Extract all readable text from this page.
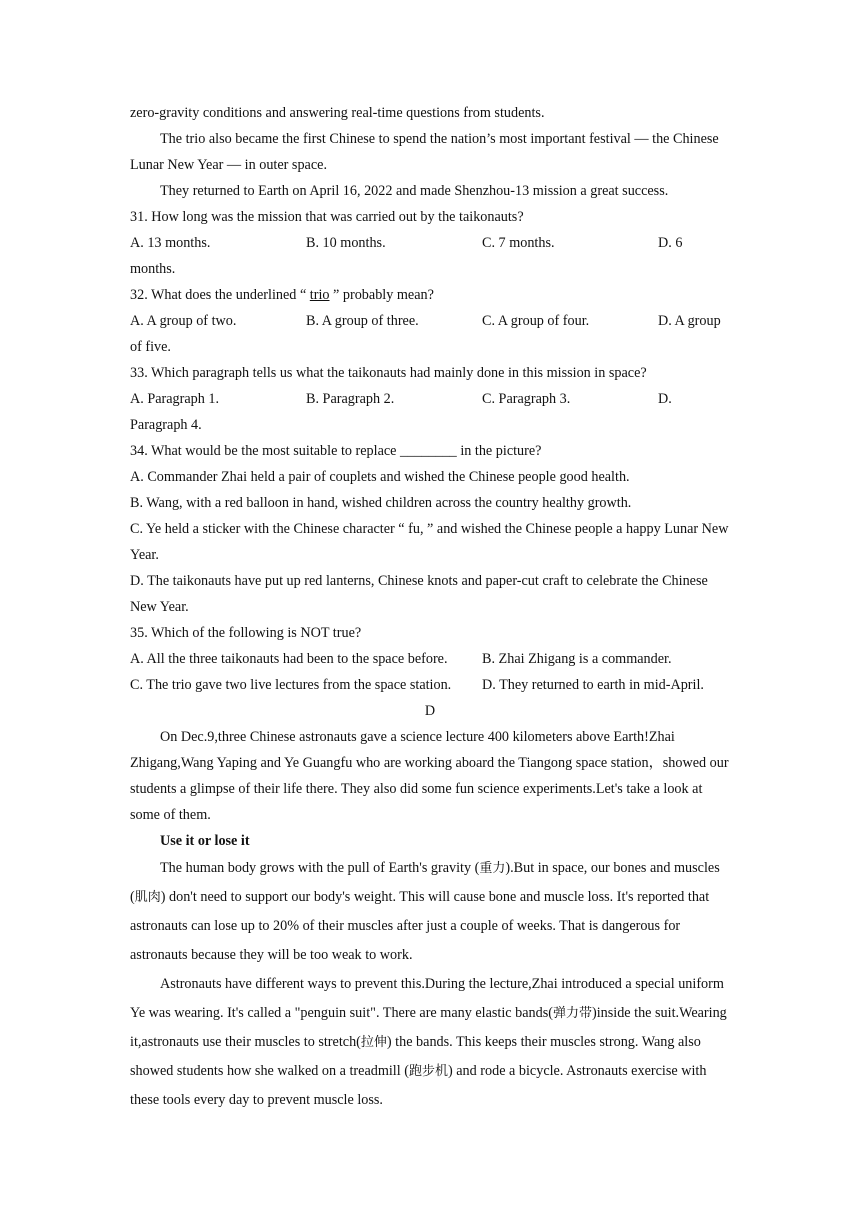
zero-gravity conditions and answering real-time questions from students.

The trio also became the first Chinese to spend the nation’s most important festival — the Chinese Lunar New Year — in outer space.

They returned to Earth on April 16, 2022 and made Shenzhou-13 mission a great success.

31. How long was the mission that was carried out by the taikonauts?

A. 13 months.	B. 10 months.	C. 7 months.	D. 6

months.

32. What does the underlined “ trio ” probably mean?

A. A group of two.	B. A group of three.	C. A group of four.	D. A group

of five.

33. Which paragraph tells us what the taikonauts had mainly done in this mission in space?

A. Paragraph 1.	B. Paragraph 2.	C. Paragraph 3.	D.

Paragraph 4.

34. What would be the most suitable to replace ________ in the picture?

A. Commander Zhai held a pair of couplets and wished the Chinese people good health.

B. Wang, with a red balloon in hand, wished children across the country healthy growth.

C. Ye held a sticker with the Chinese character “ fu, ” and wished the Chinese people a happy Lunar New Year.

D. The taikonauts have put up red lanterns, Chinese knots and paper-cut craft to celebrate the Chinese New Year.

35. Which of the following is NOT true?

A. All the three taikonauts had been to the space before. B. Zhai Zhigang is a commander.
C. The trio gave two live lectures from the space station. D. They returned to earth in mid-April.

D

On Dec.9,three Chinese astronauts gave a science lecture 400 kilometers above Earth!Zhai Zhigang,Wang Yaping and Ye Guangfu who are working aboard the Tiangong space station，showed our students a glimpse of their life there. They also did some fun science experiments.Let's take a look at some of them.

Use it or lose it

The human body grows with the pull of Earth's gravity (重力).But in space, our bones and muscles (肌肉) don't need to support our body's weight. This will cause bone and muscle loss. It's reported that astronauts can lose up to 20% of their muscles after just a couple of weeks. That is dangerous for astronauts because they will be too weak to work.

Astronauts have different ways to prevent this.During the lecture,Zhai introduced a special uniform Ye was wearing. It's called a "penguin suit". There are many elastic bands(弹力带)inside the suit.Wearing it,astronauts use their muscles to stretch(拉伸) the bands. This keeps their muscles strong. Wang also showed students how she walked on a treadmill (跑步机) and rode a bicycle. Astronauts exercise with these tools every day to prevent muscle loss.
